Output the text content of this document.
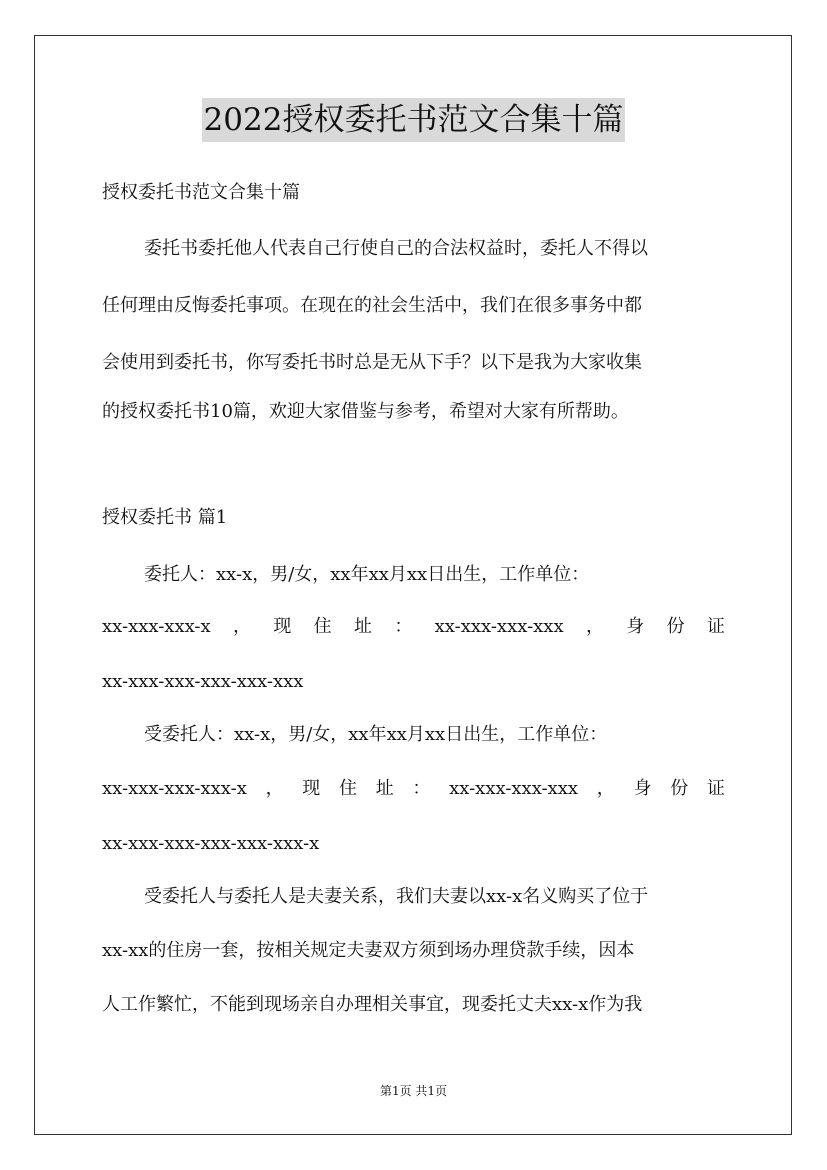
2022授权委托书范文合集十篇
授权委托书范文合集十篇
委托书委托他人代表自己行使自己的合法权益时，委托人不得以
任何理由反悔委托事项。在现在的社会生活中，我们在很多事务中都
会使用到委托书，你写委托书时总是无从下手？以下是我为大家收集
的授权委托书10篇，欢迎大家借鉴与参考，希望对大家有所帮助。
授权委托书 篇1
委托人：xx-x，男/女，xx年xx月xx日出生，工作单位：
xx-xxx-xxx-x ， 现 住 址 ： xx-xxx-xxx-xxx ， 身 份 证
xx-xxx-xxx-xxx-xxx-xxx
受委托人：xx-x，男/女，xx年xx月xx日出生，工作单位：
xx-xxx-xxx-xxx-x ， 现 住 址 ： xx-xxx-xxx-xxx ， 身 份 证
xx-xxx-xxx-xxx-xxx-xxx-x
受委托人与委托人是夫妻关系，我们夫妻以xx-x名义购买了位于
xx-xx的住房一套，按相关规定夫妻双方须到场办理贷款手续，因本
人工作繁忙，不能到现场亲自办理相关事宜，现委托丈夫xx-x作为我
第1页 共1页
